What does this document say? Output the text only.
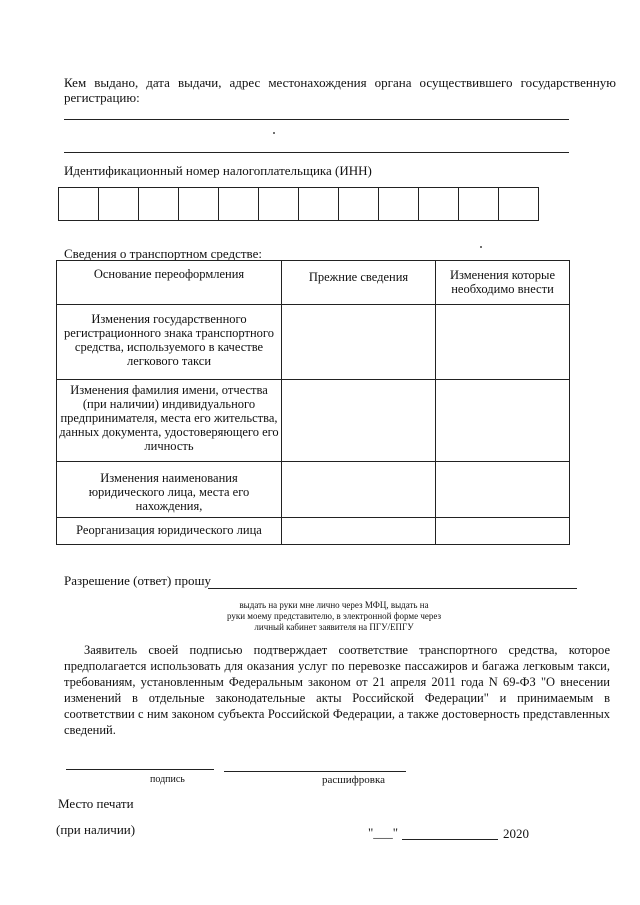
Кем выдано, дата выдачи, адрес местонахождения органа осуществившего государственную регистрацию:
Идентификационный номер налогоплательщика (ИНН)

Сведения о транспортном средстве:
Основание переоформления	Прежние сведения	Изменения которые необходимо внести
Изменения государственного регистрационного знака транспортного средства, используемого в качестве легкового такси		
Изменения фамилия имени, отчества (при наличии) индивидуального предпринимателя, места его жительства, данных документа, удостоверяющего его личность		
Изменения наименования юридического лица, места его нахождения,		
Реорганизация юридического лица		
Разрешение (ответ) прошу
выдать на руки мне лично через МФЦ, выдать на
руки моему представителю, в электронной форме через
личный кабинет заявителя на ПГУ/ЕПГУ
Заявитель своей подписью подтверждает соответствие транспортного средства, которое предполагается использовать для оказания услуг по перевозке пассажиров и багажа легковым такси, требованиям, установленным Федеральным законом от 21 апреля 2011 года N 69-ФЗ "О внесении изменений в отдельные законодательные акты Российской Федерации" и принимаемым в соответствии с ним законом субъекта Российской Федерации, а также достоверность представленных сведений.
подпись	расшифровка
Место печати
(при наличии)	"___"	2020
